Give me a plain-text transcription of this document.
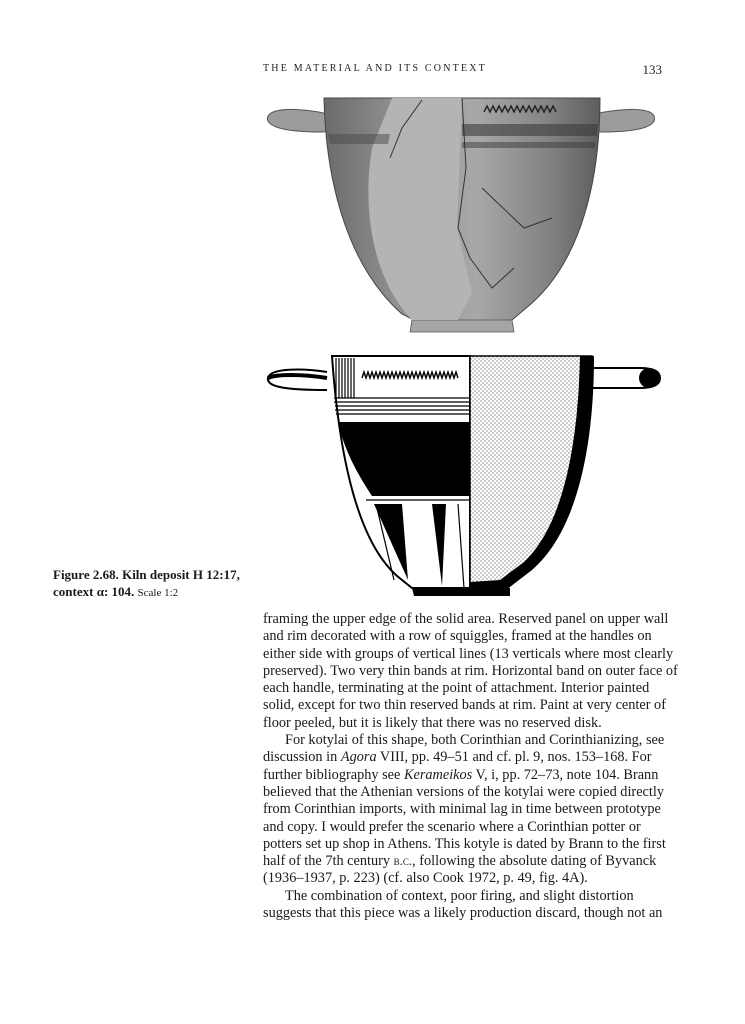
THE MATERIAL AND ITS CONTEXT	133
Figure 2.68. Kiln deposit H 12:17, context α: 104. Scale 1:2

framing the upper edge of the solid area. Reserved panel on upper wall and rim decorated with a row of squiggles, framed at the handles on either side with groups of vertical lines (13 verticals where most clearly preserved). Two very thin bands at rim. Horizontal band on outer face of each handle, terminating at the point of attachment. Interior painted solid, except for two thin reserved bands at rim. Paint at very center of floor peeled, but it is likely that there was no reserved disk.

For kotylai of this shape, both Corinthian and Corinthianizing, see discussion in Agora VIII, pp. 49–51 and cf. pl. 9, nos. 153–168. For further bibliography see Kerameikos V, i, pp. 72–73, note 104. Brann believed that the Athenian versions of the kotylai were copied directly from Corinthian imports, with minimal lag in time between prototype and copy. I would prefer the scenario where a Corinthian potter or potters set up shop in Athens. This kotyle is dated by Brann to the first half of the 7th century b.c., following the absolute dating of Byvanck (1936–1937, p. 223) (cf. also Cook 1972, p. 49, fig. 4A).

The combination of context, poor firing, and slight distortion suggests that this piece was a likely production discard, though not an
